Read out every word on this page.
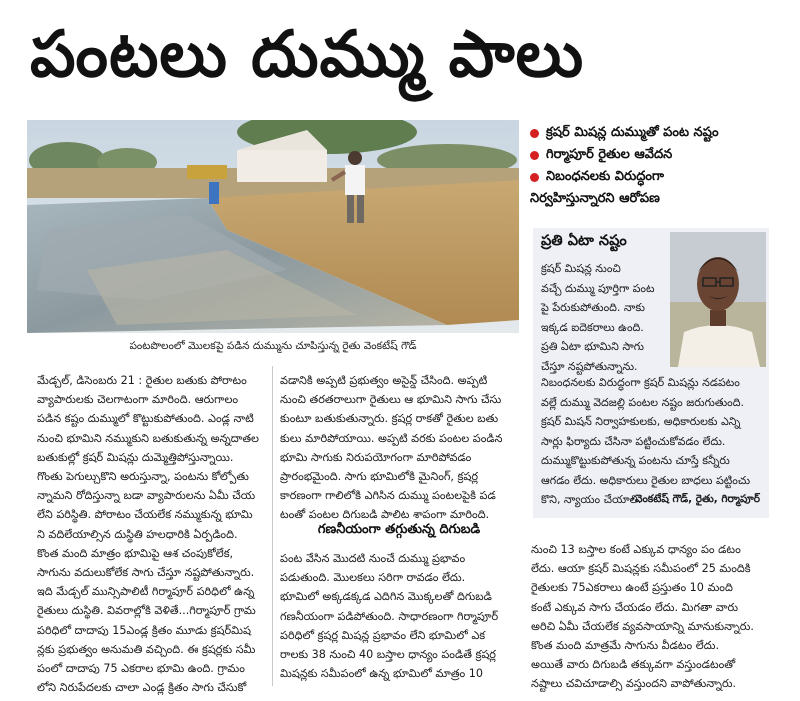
పంటలు దుమ్ము పాలు
పంటపొలంలో మొలకపై పడిన దుమ్మును చూపిస్తున్న రైతు వెంకటేష్ గౌడ్
క్రషర్ మిషన్ల దుమ్ముతో పంట నష్టం
గిర్మాపూర్ రైతుల ఆవేదన
నిబంధనలకు విరుద్ధంగా
నిర్వహిస్తున్నారని ఆరోపణ
ప్రతి ఏటా నష్టం
క్రషర్ మిషన్ల నుంచి
వచ్చే దుమ్ము పూర్తిగా పంట
పై పేరుకుపోతుంది. నాకు
ఇక్కడ ఐదెకరాలు ఉంది.
ప్రతి ఏటా భూమిని సాగు
చేస్తూ నష్టపోతున్నాను.
నిబంధనలకు విరుద్ధంగా క్రషర్ మిషన్లు నడపటం
వల్లే దుమ్ము వెదజల్లి పంటల నష్టం జరుగుతుంది.
క్రషర్ మిషన్ నిర్వాహకులకు, అధికారులకు ఎన్ని
సార్లు ఫిర్యాదు చేసినా పట్టించుకోవడం లేదు.
దుమ్ముకొట్టుకుపోతున్న పంటను చూస్తే కన్నీరు
ఆగడం లేదు. అధికారులు రైతుల బాధలు పట్టించు
కొని, న్యాయం చేయాలి.
-వెంకటేష్ గౌడ్, రైతు, గిర్మాపూర్
మేడ్చల్, డిసెంబరు 21 : రైతుల బతుకు పోరాటం
వ్యాపారులకు చెలగాటంగా మారింది. ఆరుగాలం
పడిన కష్టం దుమ్ములో కొట్టుకుపోతుంది. ఎండ్ల నాటి
నుంచి భూమిని నమ్ముకుని బతుకుతున్న అన్నదాతల
బతుకుల్లో క్రషర్ మిషన్లు దుమ్మెత్తిపోస్తున్నాయి.
గొంతు పెగుల్చుకొని అరుస్తున్నా, పంటను కోల్పోతు
న్నామని రోదిస్తున్నా బడా వ్యాపారులను ఏమీ చేయ
లేని పరిస్థితి. పోరాటం చేయలేక నమ్ముకున్న భూమి
ని వదిలేయాల్సిన దుస్థితి హలధారికి ఏర్పడింది.
కొంత మంది మాత్రం భూమిపై ఆశ చంపుకోలేక,
సాగును వదులుకోలేక సాగు చేస్తూ నష్టపోతున్నారు.
ఇది మేడ్చల్ మున్సిపాలిటీ గిర్మాపూర్ పరిధిలో ఉన్న
రైతులు దుస్థితి. వివరాల్లోకి వెళితే...గిర్మాపూర్ గ్రామ
పరిధిలో దాదాపు 15ఎండ్ల క్రితం మూడు క్రషర్‌మిష
న్లకు ప్రభుత్వం అనుమతి వచ్చింది. ఈ క్రషర్లకు సమీ
పంలో దాదాపు 75 ఎకరాల భూమి ఉంది. గ్రామం
లోని నిరుపేదలకు చాలా ఎండ్ల క్రితం సాగు చేసుకో
వడానికి అప్పటి ప్రభుత్వం అసైన్డ్ చేసింది. అప్పటి
నుంచి తరతరాలుగా రైతులు ఆ భూమిని సాగు చేసు
కుంటూ బతుకుతున్నారు. క్రషర్ల రాకతో రైతుల బతు
కులు మారిపోయాయి. అప్పటి వరకు పంటల పండిన
భూమి సాగుకు నిరుపయోగంగా మారిపోవడం
ప్రారంభమైంది. సాగు భూమిలోకి మైనింగ్, క్రషర్ల
కారణంగా గాలిలోకి ఎగిసిన దుమ్ము పంటలపైకి పడ
టంతో పంటల దిగుబడి పాలిట శాపంగా మారింది.
గణనీయంగా తగ్గుతున్న దిగుబడి
పంట వేసిన మొదటి నుంచే దుమ్ము ప్రభావం
పడుతుంది. మొలకలు సరిగా రావడం లేదు.
భూమిలో అక్కడక్కడ ఎదిగిన మొక్కలతో దిగుబడి
గణనీయంగా పడిపోతుంది. సాధారణంగా గిర్మాపూర్
పరిధిలో క్రషర్ల మిషన్ల ప్రభావం లేని భూమిలో ఎక
రాలకు 38 నుంచి 40 బస్తాల ధాన్యం పండితే క్రషర్ల
మిషన్లకు సమీపంలో ఉన్న భూమిలో మాత్రం 10
నుంచి 13 బస్తాల కంటే ఎక్కువ ధాన్యం పం డటం
లేదు. ఆయా క్రషర్ మిషన్లకు సమీపంలో 25 మందికి
రైతులకు 75ఎకరాలు ఉంటే ప్రస్తుతం 10 మంది
కంటే ఎక్కువ సాగు చేయడం లేదు. మిగతా వారు
అరిచి ఏమీ చేయలేక వ్యవసాయాన్ని మానుకున్నారు.
కొంత మంది మాత్రమే సాగును వీడటం లేదు.
అయితే వారు దిగుబడి తక్కువగా వస్తుండటంతో
నష్టాలు చవిచూడాల్సి వస్తుందని వాపోతున్నారు.
